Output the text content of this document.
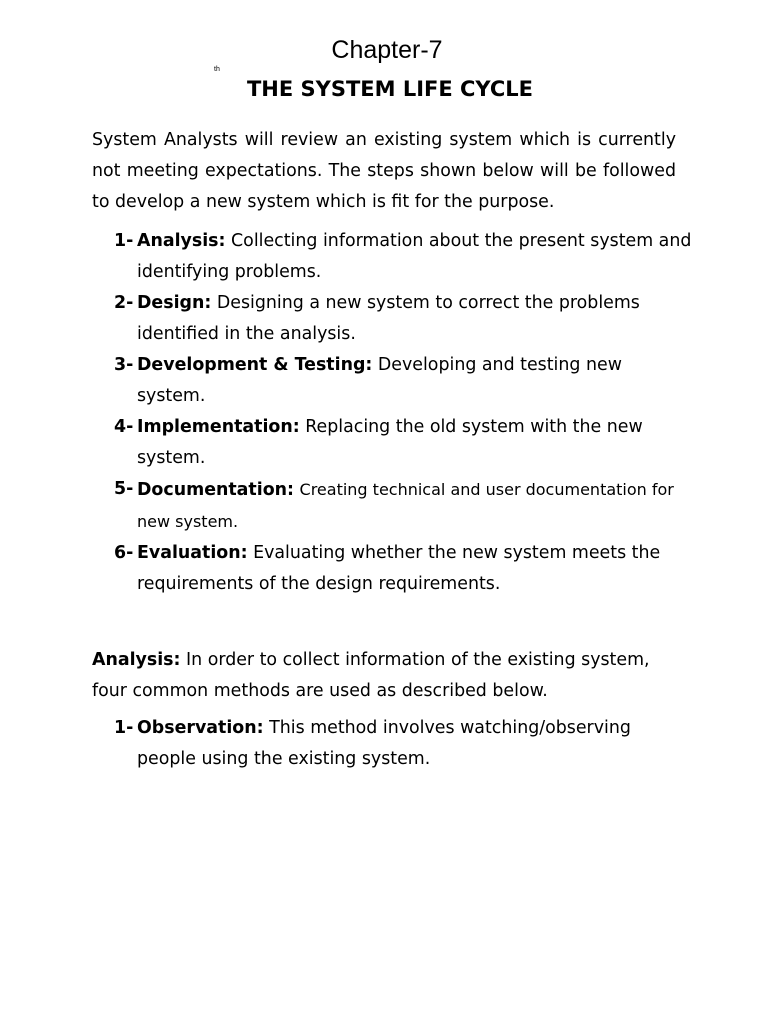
Chapter-7
th
THE SYSTEM LIFE CYCLE

System Analysts will review an existing system which is currently not meeting expectations. The steps shown below will be followed to develop a new system which is fit for the purpose.

1- Analysis: Collecting information about the present system and identifying problems.
2- Design: Designing a new system to correct the problems identified in the analysis.
3- Development & Testing: Developing and testing new system.
4- Implementation: Replacing the old system with the new system.
5- Documentation: Creating technical and user documentation for new system.
6- Evaluation: Evaluating whether the new system meets the requirements of the design requirements.

Analysis: In order to collect information of the existing system, four common methods are used as described below.

1- Observation: This method involves watching/observing people using the existing system.
